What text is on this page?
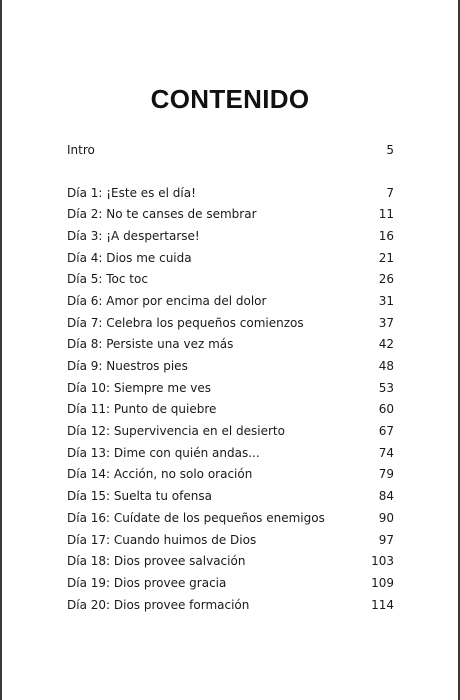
CONTENIDO
Intro	5
Día 1: ¡Este es el día!	7
Día 2: No te canses de sembrar	11
Día 3: ¡A despertarse!	16
Día 4: Dios me cuida	21
Día 5: Toc toc	26
Día 6: Amor por encima del dolor	31
Día 7: Celebra los pequeños comienzos	37
Día 8: Persiste una vez más	42
Día 9: Nuestros pies	48
Día 10: Siempre me ves	53
Día 11: Punto de quiebre	60
Día 12: Supervivencia en el desierto	67
Día 13: Dime con quién andas...	74
Día 14: Acción, no solo oración	79
Día 15: Suelta tu ofensa	84
Día 16: Cuídate de los pequeños enemigos	90
Día 17: Cuando huimos de Dios	97
Día 18: Dios provee salvación	103
Día 19: Dios provee gracia	109
Día 20: Dios provee formación	114
